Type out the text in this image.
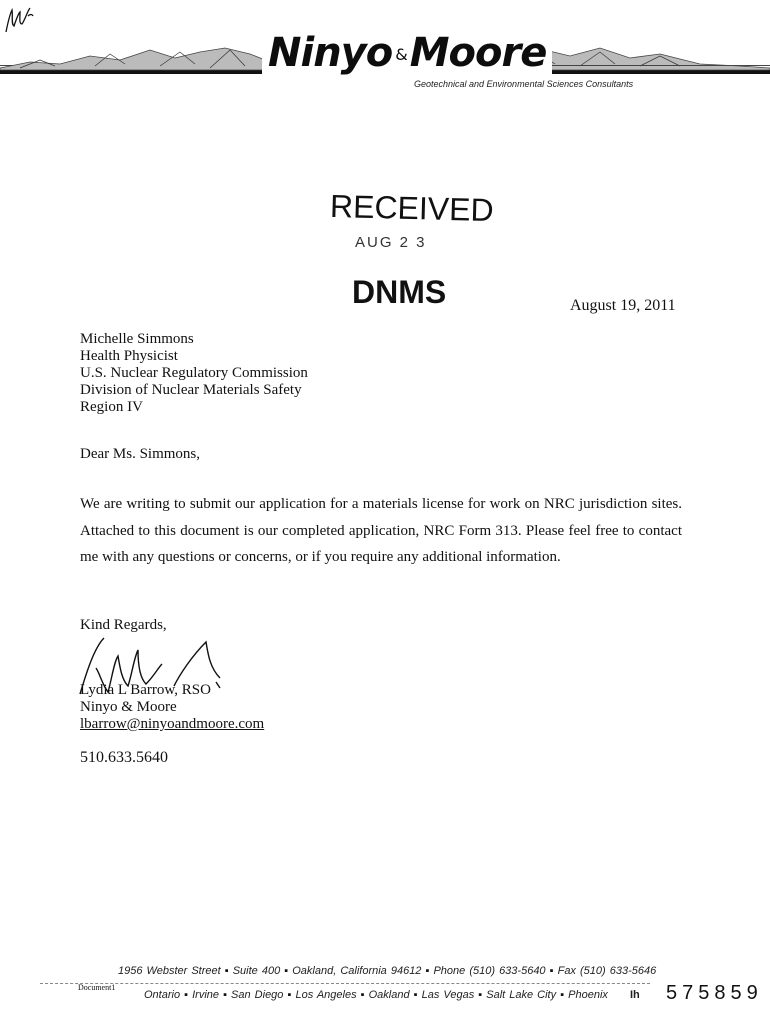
Ninyo &Moore
Geotechnical and Environmental Sciences Consultants
RECEIVED
AUG 2 3
DNMS	August 19, 2011
Michelle Simmons
Health Physicist
U.S. Nuclear Regulatory Commission
Division of Nuclear Materials Safety
Region IV
Dear Ms. Simmons,
We are writing to submit our application for a materials license for work on NRC jurisdiction sites. Attached to this document is our completed application, NRC Form 313. Please feel free to contact me with any questions or concerns, or if you require any additional information.
Kind Regards,
Lydia L Barrow, RSO
Ninyo & Moore
lbarrow@ninyoandmoore.com
510.633.5640
1956 Webster Street ▪ Suite 400 ▪ Oakland, California 94612 ▪ Phone (510) 633-5640 ▪ Fax (510) 633-5646
Document1
Ontario ▪ Irvine ▪ San Diego ▪ Los Angeles ▪ Oakland ▪ Las Vegas ▪ Salt Lake City ▪ Phoenix Ih 575859
